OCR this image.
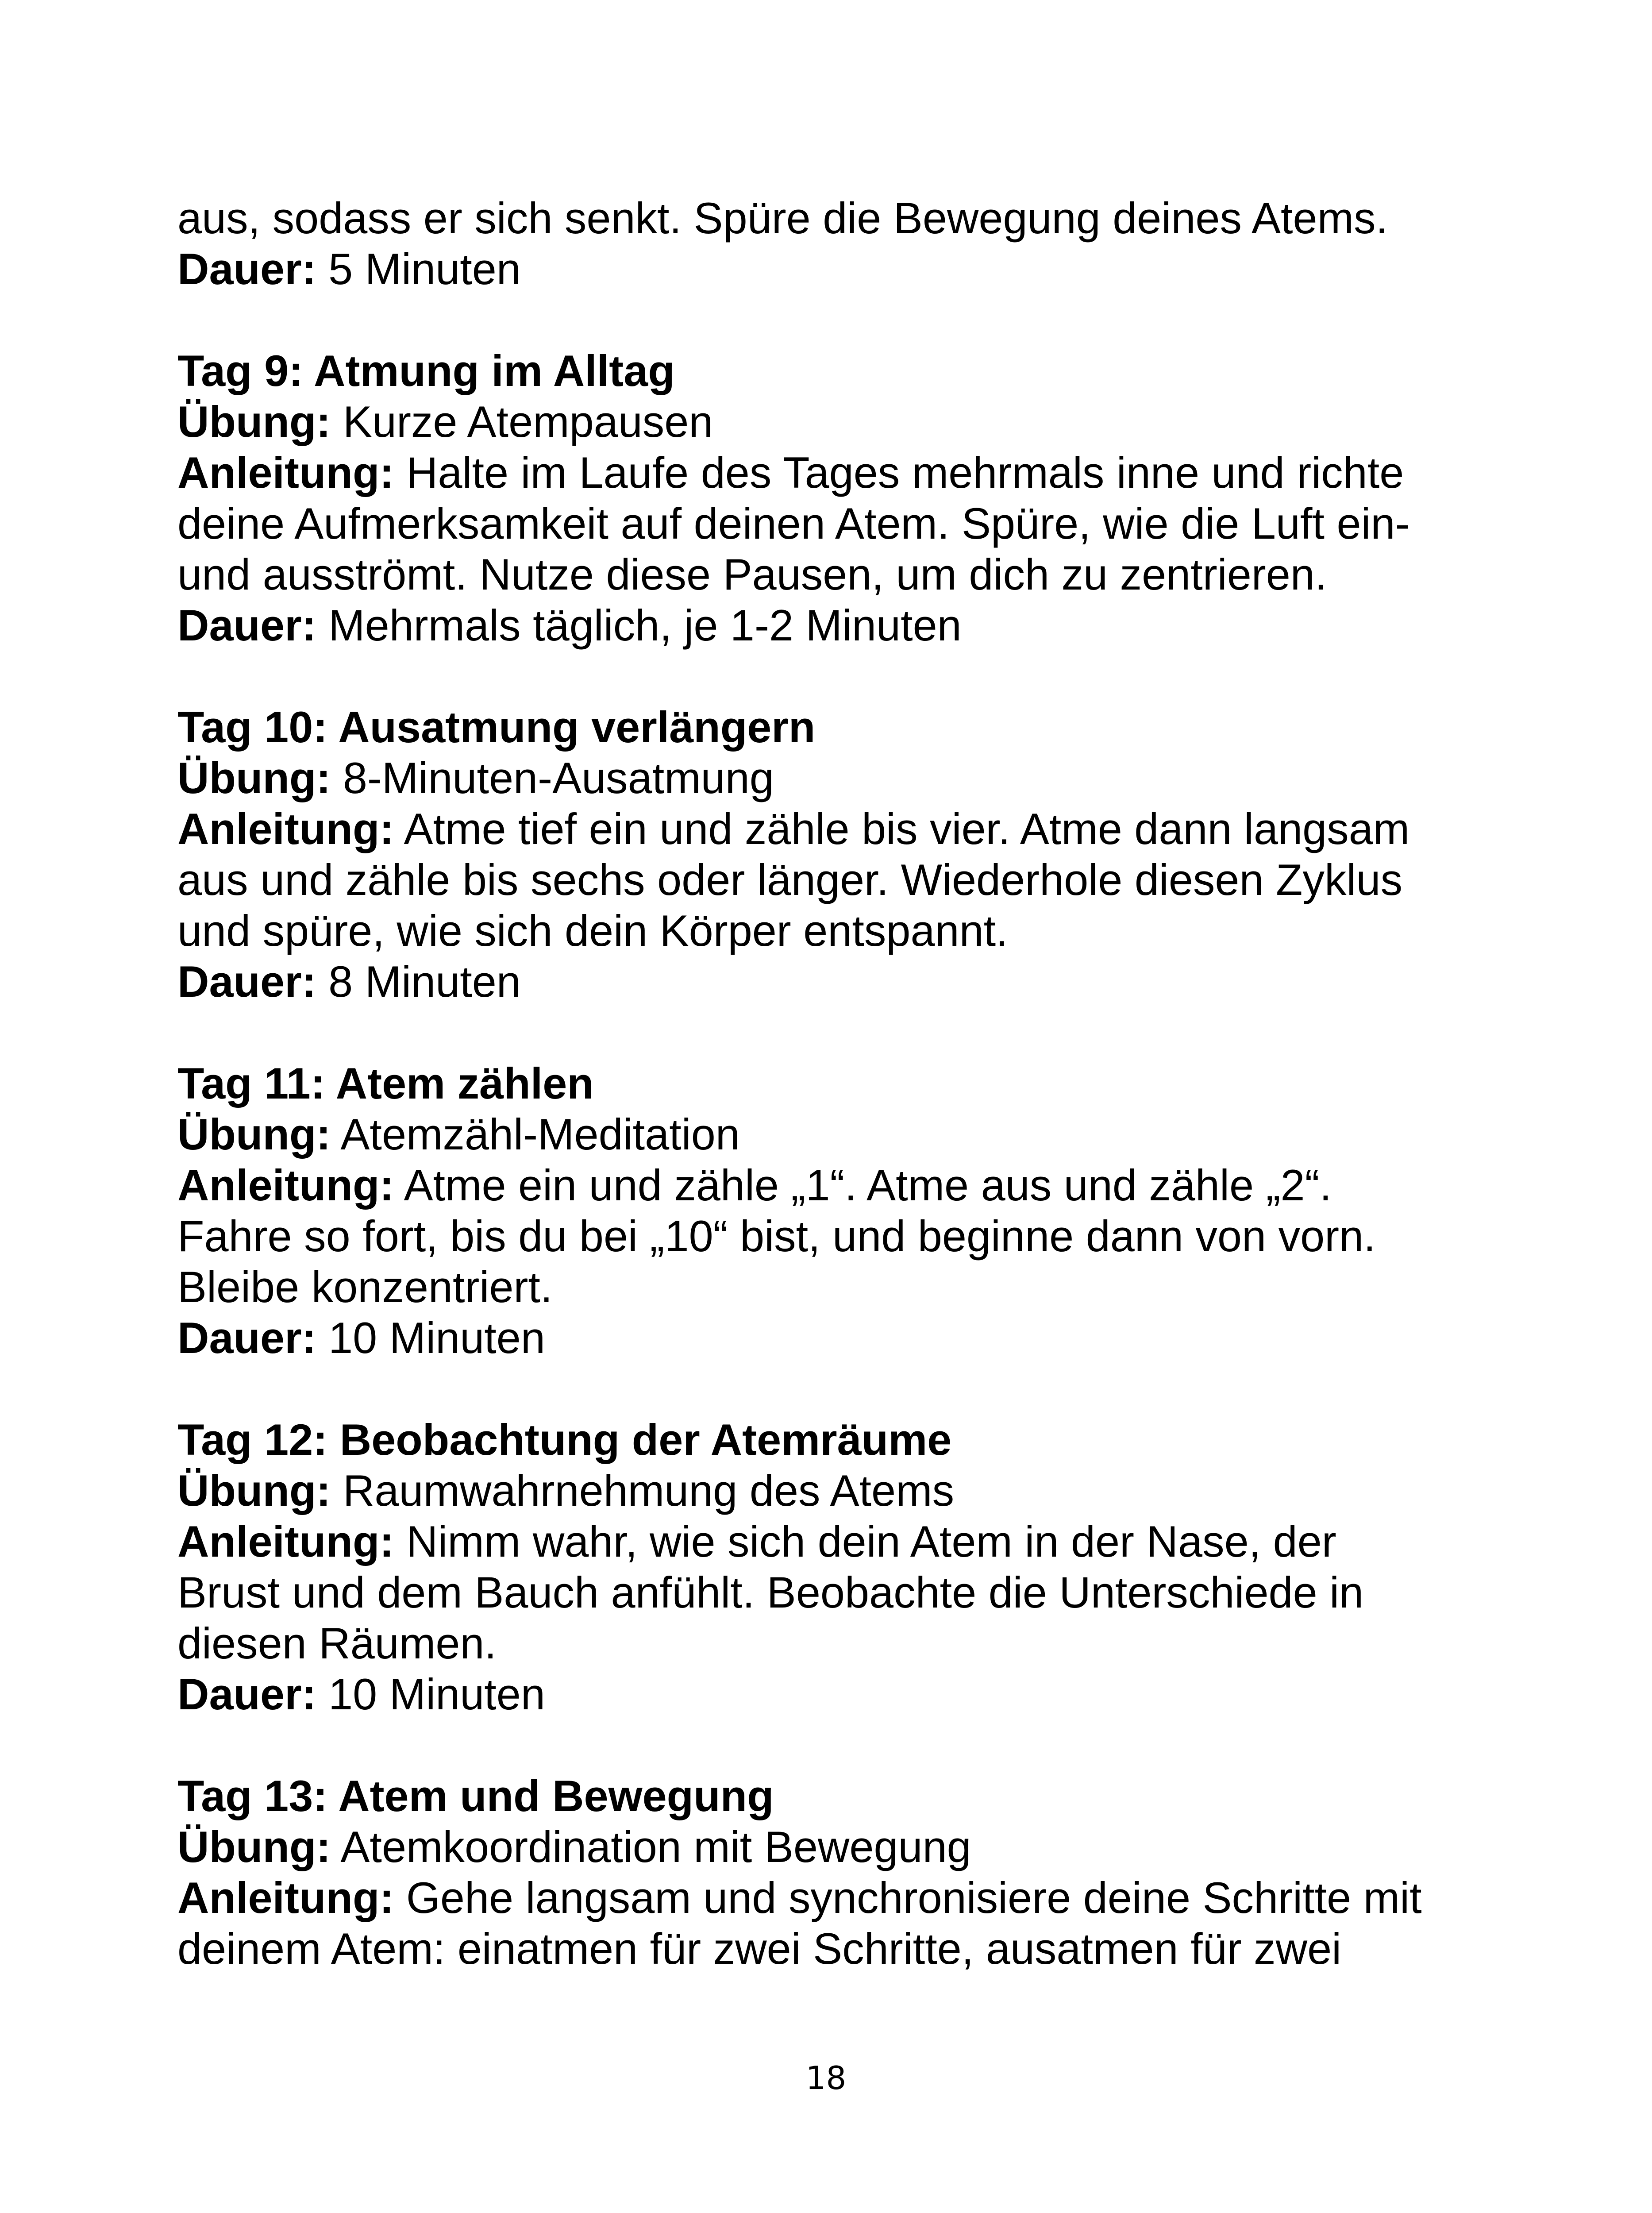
aus, sodass er sich senkt. Spüre die Bewegung deines Atems.
Dauer: 5 Minuten
Tag 9: Atmung im Alltag
Übung: Kurze Atempausen
Anleitung: Halte im Laufe des Tages mehrmals inne und richte
deine Aufmerksamkeit auf deinen Atem. Spüre, wie die Luft ein-
und ausströmt. Nutze diese Pausen, um dich zu zentrieren.
Dauer: Mehrmals täglich, je 1-2 Minuten
Tag 10: Ausatmung verlängern
Übung: 8-Minuten-Ausatmung
Anleitung: Atme tief ein und zähle bis vier. Atme dann langsam
aus und zähle bis sechs oder länger. Wiederhole diesen Zyklus
und spüre, wie sich dein Körper entspannt.
Dauer: 8 Minuten
Tag 11: Atem zählen
Übung: Atemzähl-Meditation
Anleitung: Atme ein und zähle „1“. Atme aus und zähle „2“.
Fahre so fort, bis du bei „10“ bist, und beginne dann von vorn.
Bleibe konzentriert.
Dauer: 10 Minuten
Tag 12: Beobachtung der Atemräume
Übung: Raumwahrnehmung des Atems
Anleitung: Nimm wahr, wie sich dein Atem in der Nase, der
Brust und dem Bauch anfühlt. Beobachte die Unterschiede in
diesen Räumen.
Dauer: 10 Minuten
Tag 13: Atem und Bewegung
Übung: Atemkoordination mit Bewegung
Anleitung: Gehe langsam und synchronisiere deine Schritte mit
deinem Atem: einatmen für zwei Schritte, ausatmen für zwei
18
